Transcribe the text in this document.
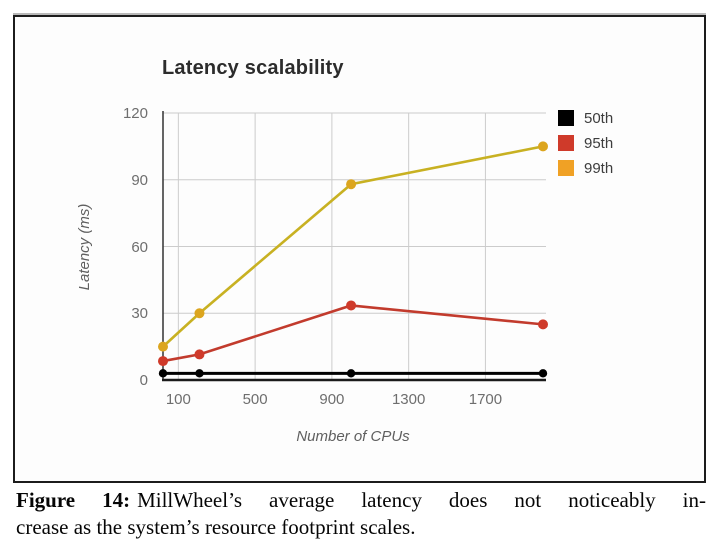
Latency scalability
Latency (ms)
Number of CPUs
0
30
60
90
120
100	500	900	1300	1700
50th
95th
99th
Figure 14: MillWheel’s average latency does not noticeably in-
crease as the system’s resource footprint scales.
